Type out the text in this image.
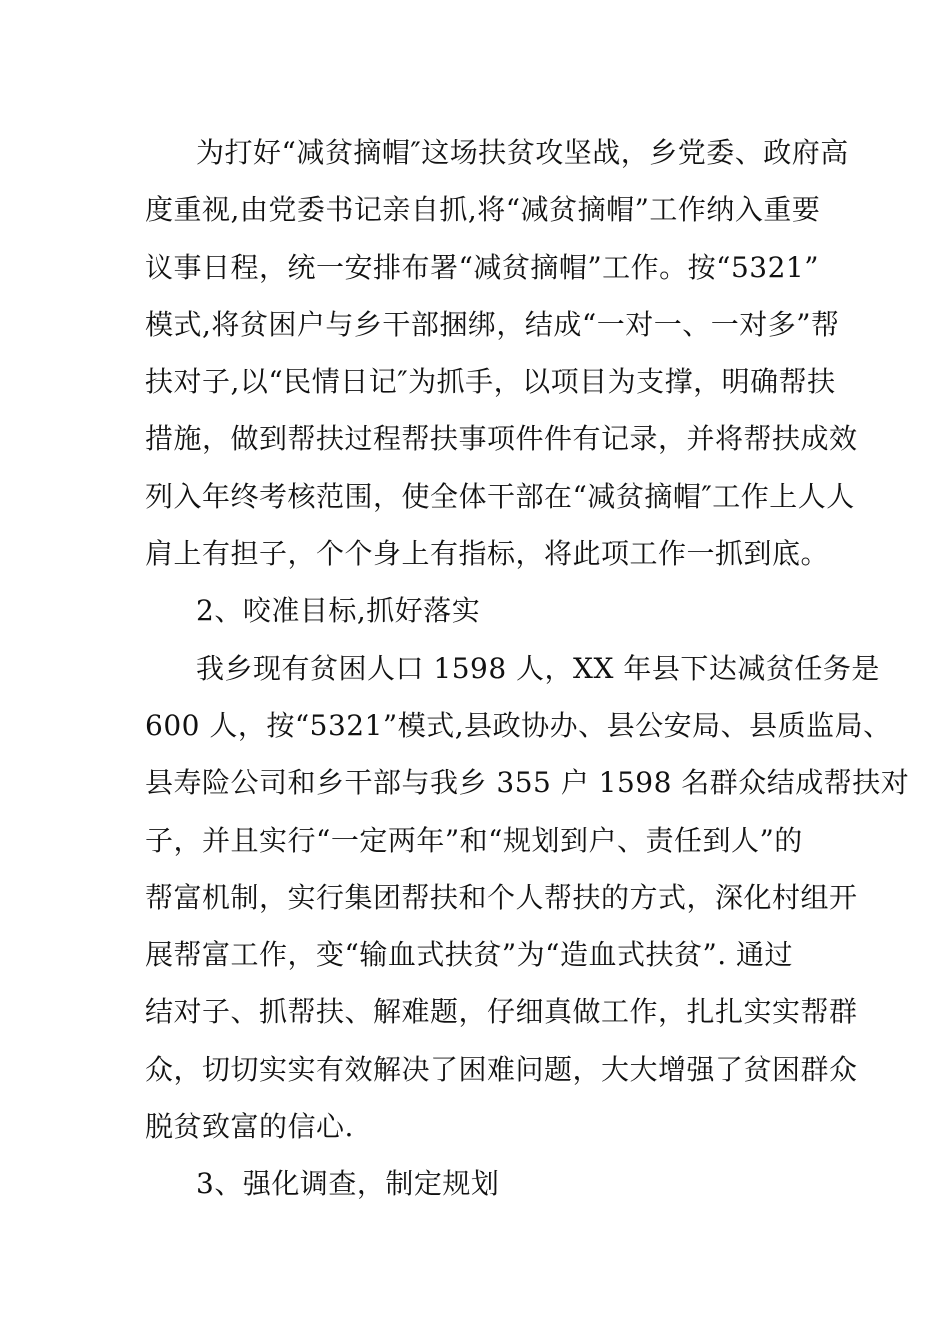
为打好“减贫摘帽″这场扶贫攻坚战，乡党委、政府高
度重视,由党委书记亲自抓,将“减贫摘帽”工作纳入重要
议事日程，统一安排布署“减贫摘帽”工作。按“5321”
模式,将贫困户与乡干部捆绑，结成“一对一、一对多”帮
扶对子,以“民情日记″为抓手，以项目为支撑，明确帮扶
措施，做到帮扶过程帮扶事项件件有记录，并将帮扶成效
列入年终考核范围，使全体干部在“减贫摘帽″工作上人人
肩上有担子，个个身上有指标，将此项工作一抓到底。
2、咬准目标,抓好落实
我乡现有贫困人口 1598 人，XX 年县下达减贫任务是
600 人，按“5321”模式,县政协办、县公安局、县质监局、
县寿险公司和乡干部与我乡 355 户 1598 名群众结成帮扶对
子，并且实行“一定两年”和“规划到户、责任到人”的
帮富机制，实行集团帮扶和个人帮扶的方式，深化村组开
展帮富工作，变“输血式扶贫”为“造血式扶贫”. 通过
结对子、抓帮扶、解难题，仔细真做工作，扎扎实实帮群
众，切切实实有效解决了困难问题，大大增强了贫困群众
脱贫致富的信心.
3、强化调查，制定规划
